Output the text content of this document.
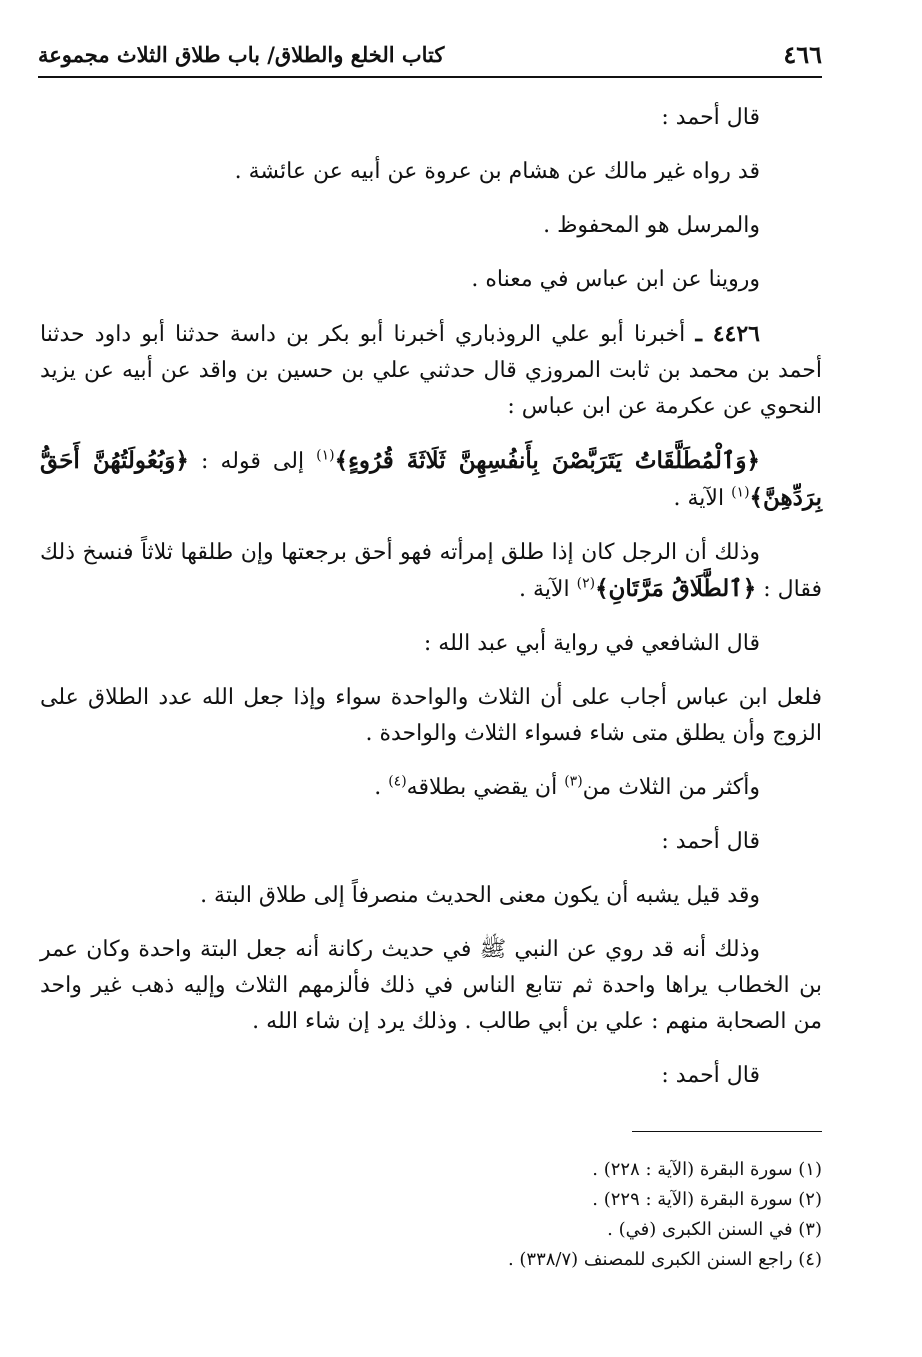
٤٦٦
كتاب الخلع والطلاق/ باب طلاق الثلاث مجموعة

قال أحمد :

قد رواه غير مالك عن هشام بن عروة عن أبيه عن عائشة .

والمرسل هو المحفوظ .

وروينا عن ابن عباس في معناه .

٤٤٢٦ ـ أخبرنا أبو علي الروذباري أخبرنا أبو بكر بن داسة حدثنا أبو داود حدثنا أحمد بن محمد بن ثابت المروزي قال حدثني علي بن حسين بن واقد عن أبيه عن يزيد النحوي عن عكرمة عن ابن عباس :

﴿وَٱلْمُطَلَّقَاتُ يَتَرَبَّصْنَ بِأَنفُسِهِنَّ ثَلَاثَةَ قُرُوءٍ﴾$^{(١)}$ إلى قوله : ﴿وَبُعُولَتُهُنَّ أَحَقُّ بِرَدِّهِنَّ﴾$^{(١)}$ الآية .

وذلك أن الرجل كان إذا طلق إمرأته فهو أحق برجعتها وإن طلقها ثلاثاً فنسخ ذلك فقال : ﴿ٱلطَّلَاقُ مَرَّتَانِ﴾$^{(٢)}$ الآية .

قال الشافعي في رواية أبي عبد الله :

فلعل ابن عباس أجاب على أن الثلاث والواحدة سواء وإذا جعل الله عدد الطلاق على الزوج وأن يطلق متى شاء فسواء الثلاث والواحدة .

وأكثر من الثلاث من$^{(٣)}$ أن يقضي بطلاقه$^{(٤)}$ .

قال أحمد :

وقد قيل يشبه أن يكون معنى الحديث منصرفاً إلى طلاق البتة .

وذلك أنه قد روي عن النبي ﷺ في حديث ركانة أنه جعل البتة واحدة وكان عمر بن الخطاب يراها واحدة ثم تتابع الناس في ذلك فألزمهم الثلاث وإليه ذهب غير واحد من الصحابة منهم : علي بن أبي طالب . وذلك يرد إن شاء الله .

قال أحمد :

(١) سورة البقرة (الآية : ٢٢٨) .
(٢) سورة البقرة (الآية : ٢٢٩) .
(٣) في السنن الكبرى (في) .
(٤) راجع السنن الكبرى للمصنف (٣٣٨/٧) .
